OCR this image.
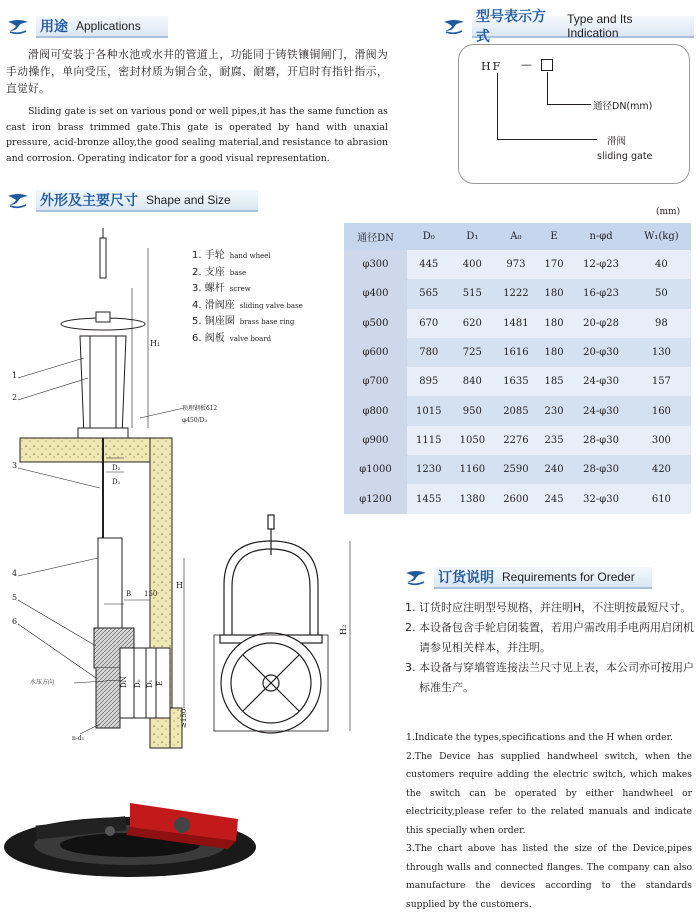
用途 Applications
滑阀可安装于各种水池或水井的管道上，功能同于铸铁镶铜闸门，滑阀为手动操作，单向受压，密封材质为铜合金，耐腐、耐磨，开启时有指针指示，直觉好。
Sliding gate is set on various pond or well pipes,it has the same function as cast iron brass trimmed gate.This gate is operated by hand with unaxial pressure, acid-bronze alloy,the good sealing material,and resistance to abrasion and corrosion. Operating indicator for a good visual representation.
型号表示方式
Type and Its Indication
HF —
通径DN(mm)
滑阀
sliding gate
外形及主要尺寸 Shape and Size
(mm)
1
2
3
4
5
6
H₁
H
预埋钢板δ12
φ450/D₃
D₂
D₁
B 150
DN D₀ D₁ E
≥150
水压方向
n-d₁
H₂
1. 手轮 hand wheel
2. 支座 base
3. 螺杆 screw
4. 滑阀座 sliding valve base
5. 铜座圈 brass base ring
6. 阀板 valve board
通径DN	D₀	D₁	A₀	E	n-φd	W₁(kg)
φ300	445	400	973	170	12-φ23	40
φ400	565	515	1222	180	16-φ23	50
φ500	670	620	1481	180	20-φ28	98
φ600	780	725	1616	180	20-φ30	130
φ700	895	840	1635	185	24-φ30	157
φ800	1015	950	2085	230	24-φ30	160
φ900	1115	1050	2276	235	28-φ30	300
φ1000	1230	1160	2590	240	28-φ30	420
φ1200	1455	1380	2600	245	32-φ30	610
订货说明 Requirements for Oreder
1. 订货时应注明型号规格，并注明H，不注明按最短尺寸。
2. 本设备包含手轮启闭装置，若用户需改用手电两用启闭机请参见相关样本，并注明。
3. 本设备与穿墙管连接法兰尺寸见上表，本公司亦可按用户标准生产。
1.Indicate the types,specifications and the H when order.
2.The Device has supplied handwheel switch, when the customers require adding the electric switch, which makes the switch can be operated by either handwheel or electricity,please refer to the related manuals and indicate this specially when order.
3.The chart above has listed the size of the Device,pipes through walls and connected flanges. The company can also manufacture the devices according to the standards supplied by the customers.
